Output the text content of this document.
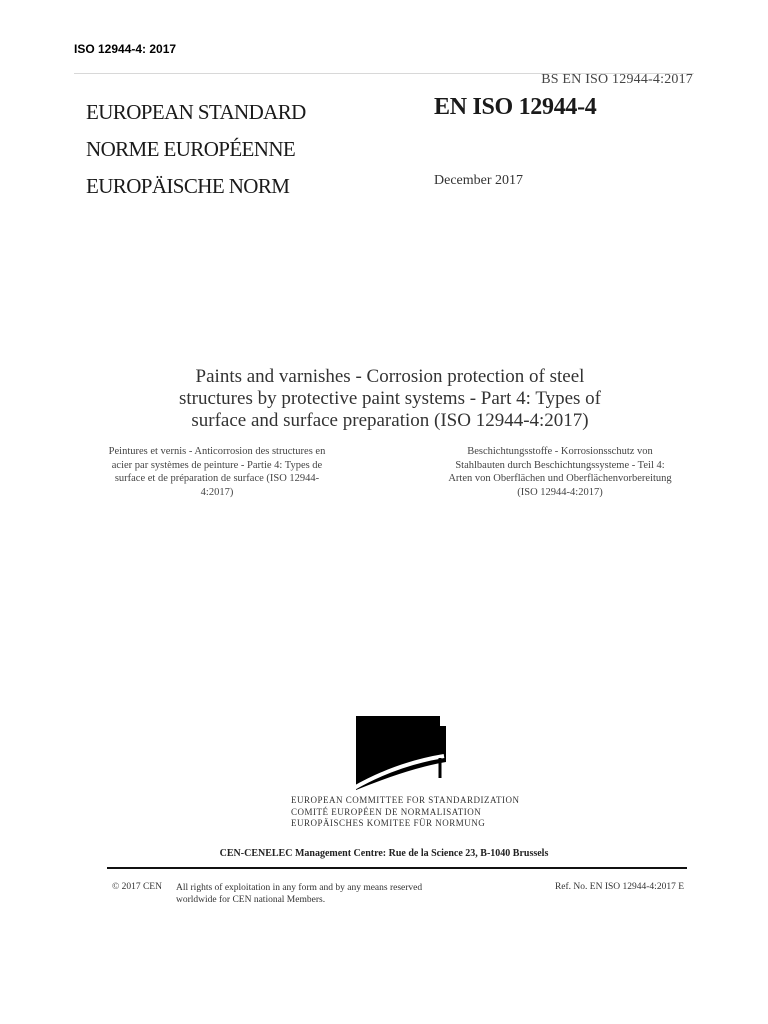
ISO 12944-4: 2017
BS EN ISO 12944-4:2017
EUROPEAN STANDARD
NORME EUROPÉENNE
EUROPÄISCHE NORM
EN ISO 12944-4
December 2017
Paints and varnishes - Corrosion protection of steel
structures by protective paint systems - Part 4: Types of
surface and surface preparation (ISO 12944-4:2017)
Peintures et vernis - Anticorrosion des structures en
acier par systèmes de peinture - Partie 4: Types de
surface et de préparation de surface (ISO 12944-
4:2017)
Beschichtungsstoffe - Korrosionsschutz von
Stahlbauten durch Beschichtungssysteme - Teil 4:
Arten von Oberflächen und Oberflächenvorbereitung
(ISO 12944-4:2017)
EUROPEAN COMMITTEE FOR STANDARDIZATION
COMITÉ EUROPÉEN DE NORMALISATION
EUROPÄISCHES KOMITEE FÜR NORMUNG
CEN-CENELEC Management Centre: Rue de la Science 23, B-1040 Brussels
© 2017 CEN All rights of exploitation in any form and by any means reserved
worldwide for CEN national Members.
Ref. No. EN ISO 12944-4:2017 E
